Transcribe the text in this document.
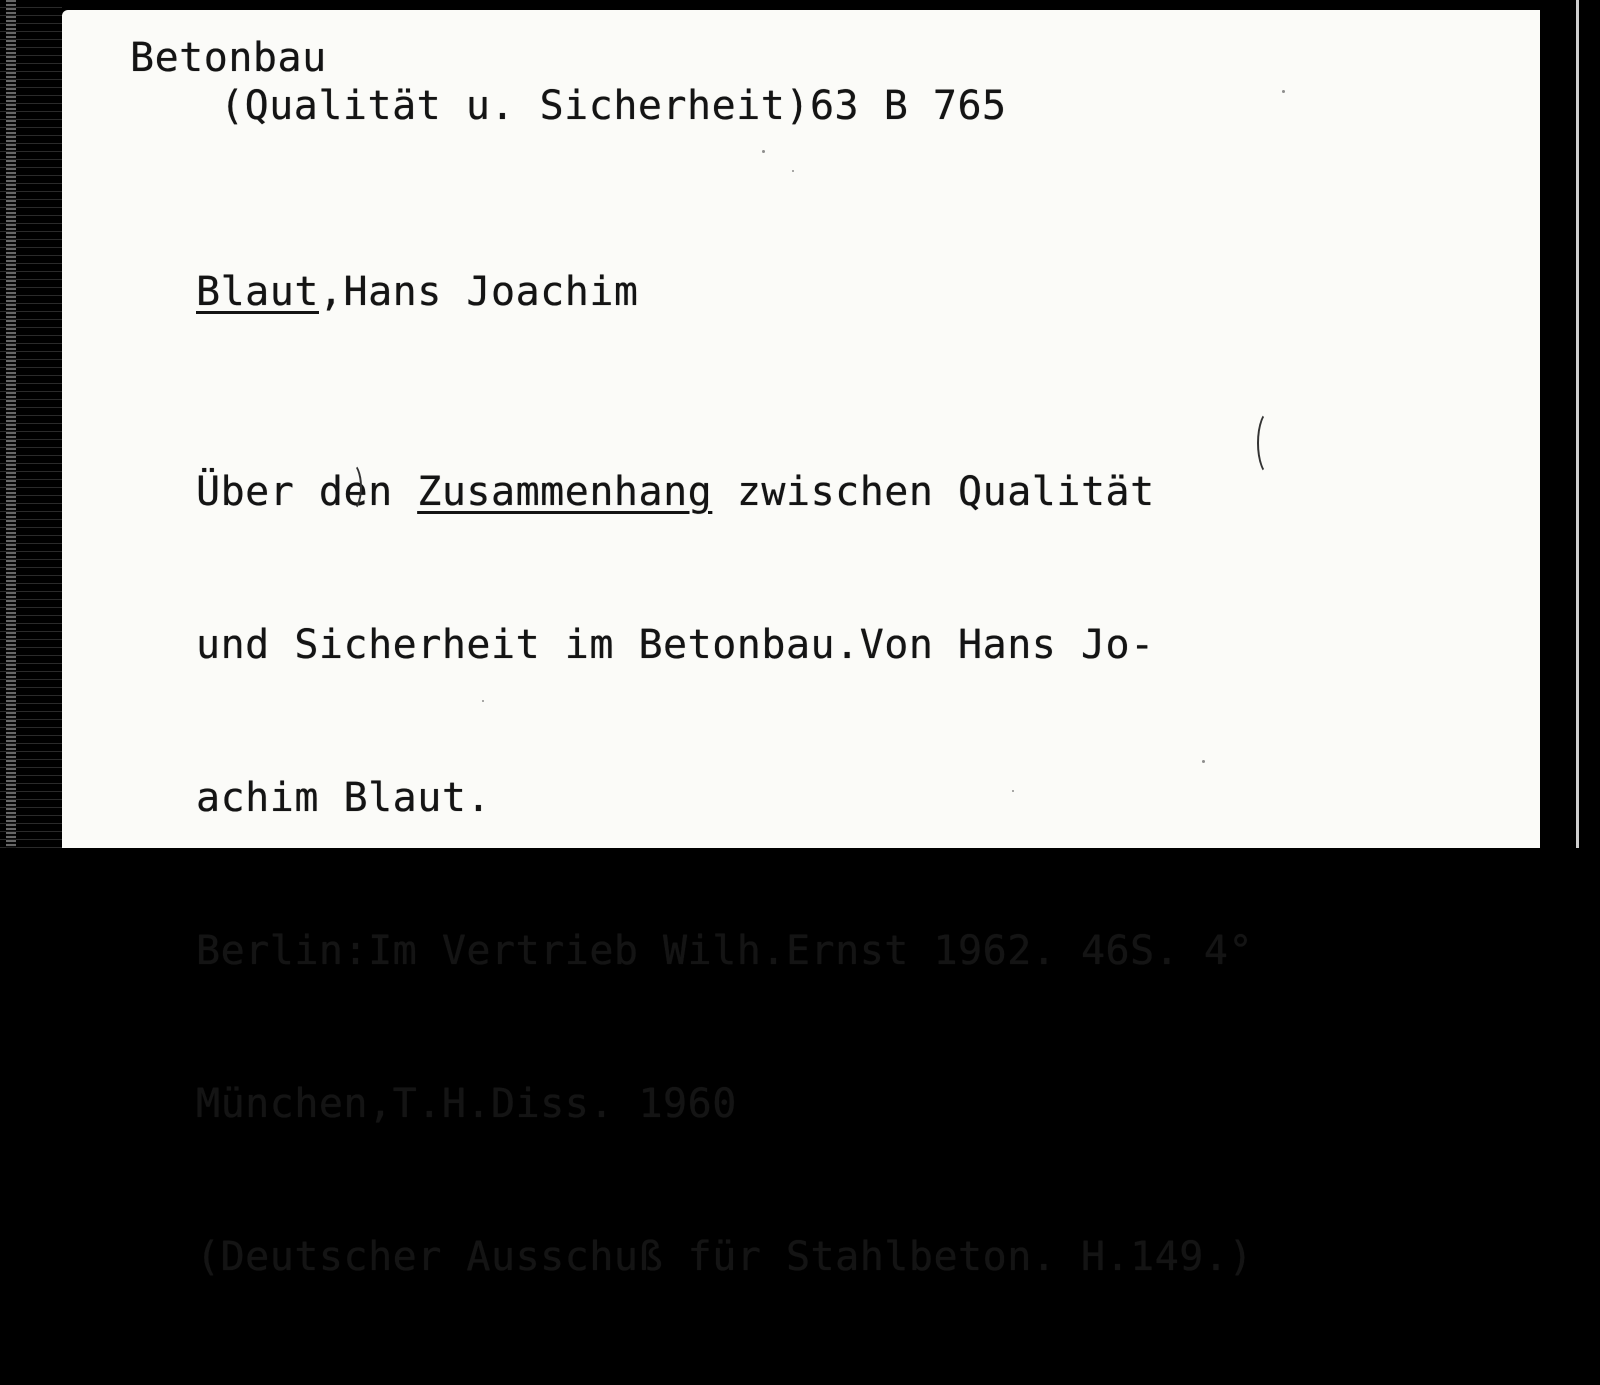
Betonbau
(Qualität u. Sicherheit)63 B 765
Blaut,Hans Joachim

Über den Zusammenhang zwischen Qualität

und Sicherheit im Betonbau.Von Hans Jo-

achim Blaut.

Berlin:Im Vertrieb Wilh.Ernst 1962. 46S. 4°

München,T.H.Diss. 1960

(Deutscher Ausschuß für Stahlbeton. H.149.)
